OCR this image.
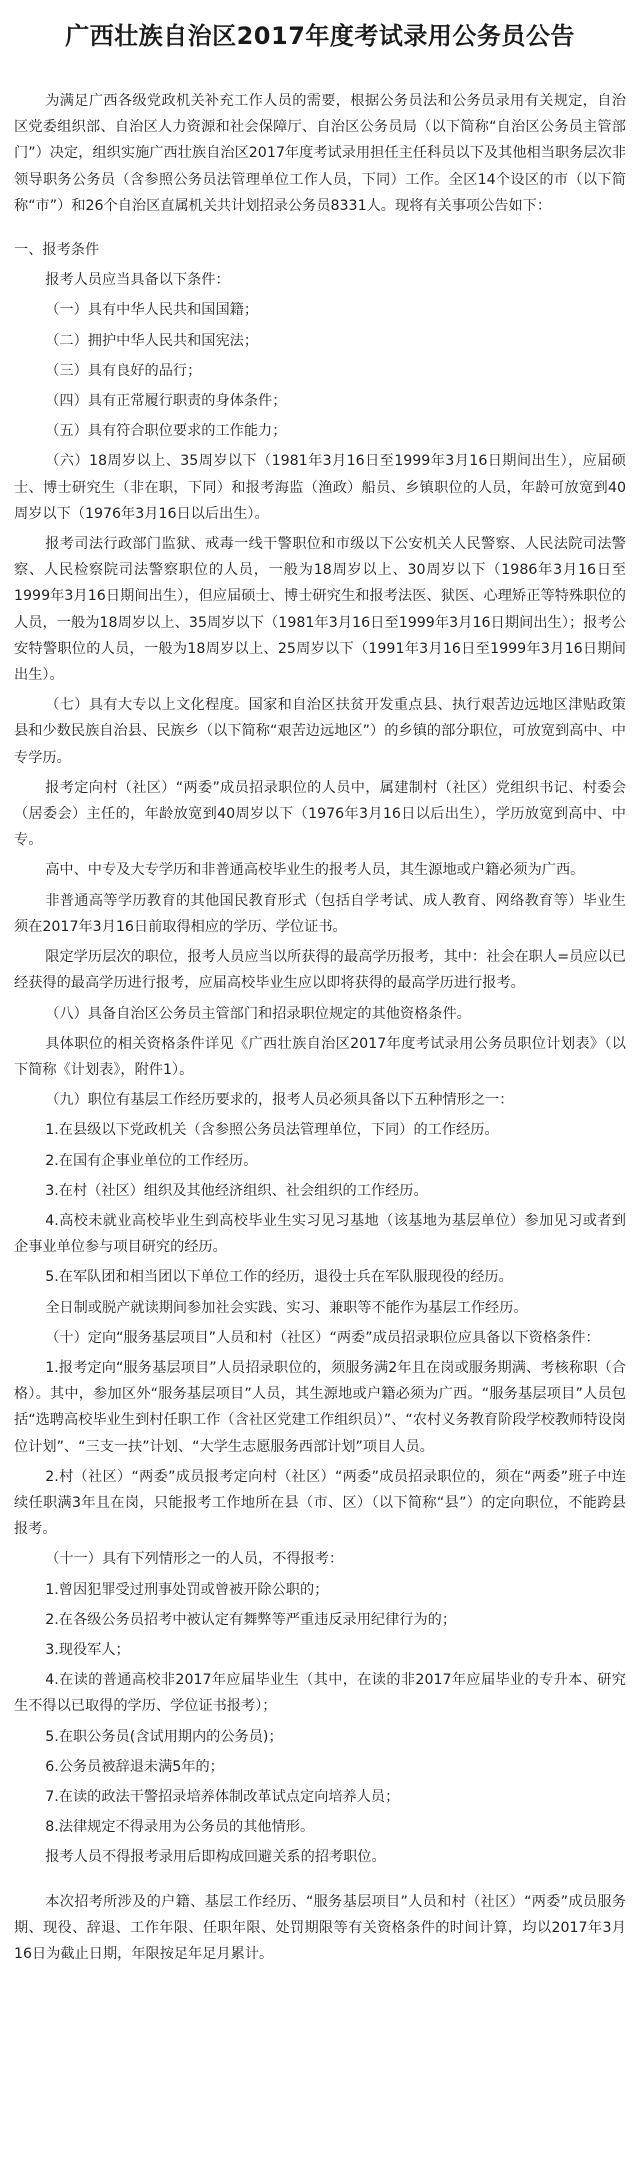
广西壮族自治区2017年度考试录用公务员公告

为满足广西各级党政机关补充工作人员的需要，根据公务员法和公务员录用有关规定，自治区党委组织部、自治区人力资源和社会保障厅、自治区公务员局（以下简称“自治区公务员主管部门”）决定，组织实施广西壮族自治区2017年度考试录用担任主任科员以下及其他相当职务层次非领导职务公务员（含参照公务员法管理单位工作人员，下同）工作。全区14个设区的市（以下简称“市”）和26个自治区直属机关共计划招录公务员8331人。现将有关事项公告如下：

一、报考条件

报考人员应当具备以下条件：

（一）具有中华人民共和国国籍；

（二）拥护中华人民共和国宪法；

（三）具有良好的品行；

（四）具有正常履行职责的身体条件；

（五）具有符合职位要求的工作能力；

（六）18周岁以上、35周岁以下（1981年3月16日至1999年3月16日期间出生），应届硕士、博士研究生（非在职，下同）和报考海监（渔政）船员、乡镇职位的人员，年龄可放宽到40周岁以下（1976年3月16日以后出生）。

报考司法行政部门监狱、戒毒一线干警职位和市级以下公安机关人民警察、人民法院司法警察、人民检察院司法警察职位的人员，一般为18周岁以上、30周岁以下（1986年3月16日至1999年3月16日期间出生），但应届硕士、博士研究生和报考法医、狱医、心理矫正等特殊职位的人员，一般为18周岁以上、35周岁以下（1981年3月16日至1999年3月16日期间出生）；报考公安特警职位的人员，一般为18周岁以上、25周岁以下（1991年3月16日至1999年3月16日期间出生）。

（七）具有大专以上文化程度。国家和自治区扶贫开发重点县、执行艰苦边远地区津贴政策县和少数民族自治县、民族乡（以下简称“艰苦边远地区”）的乡镇的部分职位，可放宽到高中、中专学历。

报考定向村（社区）“两委”成员招录职位的人员中，属建制村（社区）党组织书记、村委会（居委会）主任的，年龄放宽到40周岁以下（1976年3月16日以后出生），学历放宽到高中、中专。

高中、中专及大专学历和非普通高校毕业生的报考人员，其生源地或户籍必须为广西。

非普通高等学历教育的其他国民教育形式（包括自学考试、成人教育、网络教育等）毕业生须在2017年3月16日前取得相应的学历、学位证书。

限定学历层次的职位，报考人员应当以所获得的最高学历报考，其中：社会在职人=员应以已经获得的最高学历进行报考，应届高校毕业生应以即将获得的最高学历进行报考。

（八）具备自治区公务员主管部门和招录职位规定的其他资格条件。

具体职位的相关资格条件详见《广西壮族自治区2017年度考试录用公务员职位计划表》（以下简称《计划表》，附件1）。

（九）职位有基层工作经历要求的，报考人员必须具备以下五种情形之一：

1.在县级以下党政机关（含参照公务员法管理单位，下同）的工作经历。

2.在国有企事业单位的工作经历。

3.在村（社区）组织及其他经济组织、社会组织的工作经历。

4.高校未就业高校毕业生到高校毕业生实习见习基地（该基地为基层单位）参加见习或者到企事业单位参与项目研究的经历。

5.在军队团和相当团以下单位工作的经历，退役士兵在军队服现役的经历。

全日制或脱产就读期间参加社会实践、实习、兼职等不能作为基层工作经历。

（十）定向“服务基层项目”人员和村（社区）“两委”成员招录职位应具备以下资格条件：

1.报考定向“服务基层项目”人员招录职位的，须服务满2年且在岗或服务期满、考核称职（合格）。其中，参加区外“服务基层项目”人员，其生源地或户籍必须为广西。“服务基层项目”人员包括“选聘高校毕业生到村任职工作（含社区党建工作组织员）”、“农村义务教育阶段学校教师特设岗位计划”、“三支一扶”计划、“大学生志愿服务西部计划”项目人员。

2.村（社区）“两委”成员报考定向村（社区）“两委”成员招录职位的，须在“两委”班子中连续任职满3年且在岗，只能报考工作地所在县（市、区）（以下简称“县”）的定向职位，不能跨县报考。

（十一）具有下列情形之一的人员，不得报考：

1.曾因犯罪受过刑事处罚或曾被开除公职的；

2.在各级公务员招考中被认定有舞弊等严重违反录用纪律行为的；

3.现役军人；

4.在读的普通高校非2017年应届毕业生（其中，在读的非2017年应届毕业的专升本、研究生不得以已取得的学历、学位证书报考）；

5.在职公务员(含试用期内的公务员)；

6.公务员被辞退未满5年的；

7.在读的政法干警招录培养体制改革试点定向培养人员；

8.法律规定不得录用为公务员的其他情形。

报考人员不得报考录用后即构成回避关系的招考职位。

本次招考所涉及的户籍、基层工作经历、“服务基层项目”人员和村（社区）“两委”成员服务期、现役、辞退、工作年限、任职年限、处罚期限等有关资格条件的时间计算，均以2017年3月16日为截止日期，年限按足年足月累计。
